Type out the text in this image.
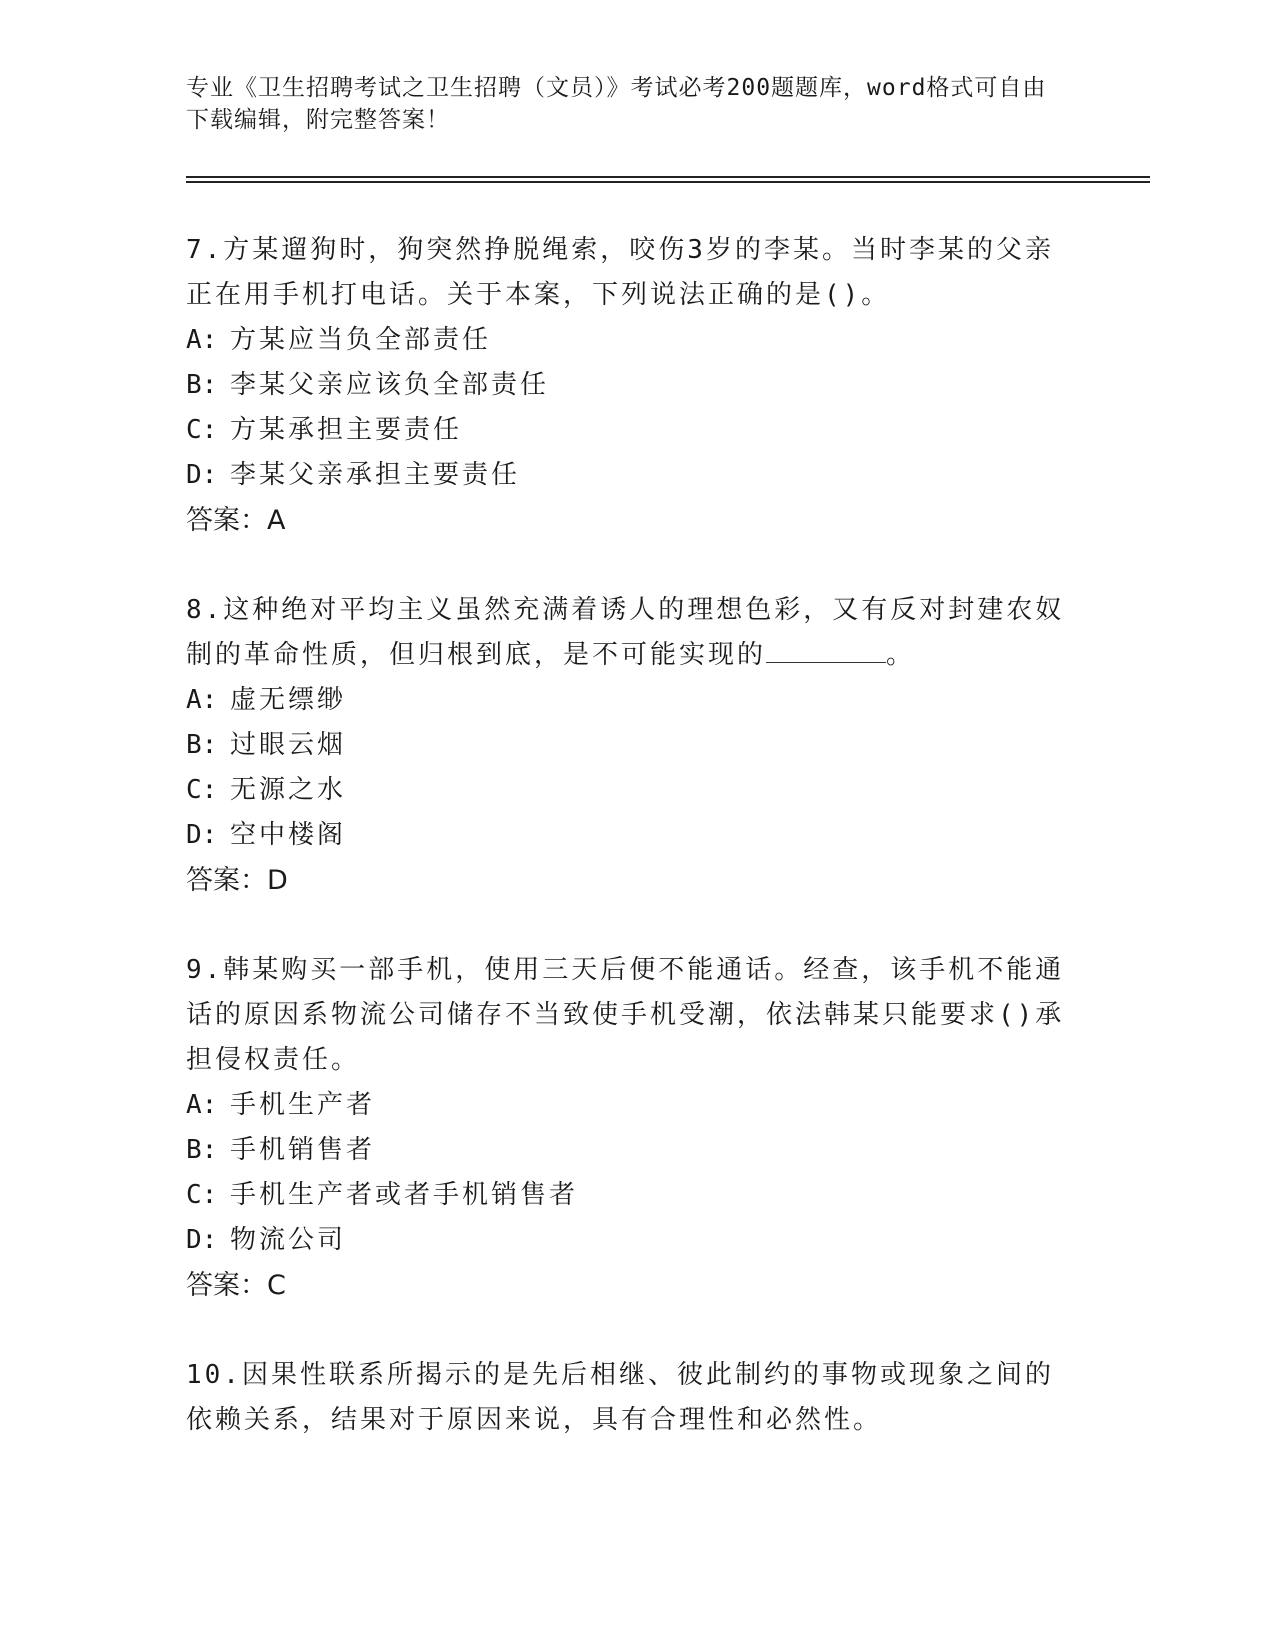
专业《卫生招聘考试之卫生招聘（文员）》考试必考200题题库，word格式可自由下载编辑，附完整答案！

7.方某遛狗时，狗突然挣脱绳索，咬伤3岁的李某。当时李某的父亲正在用手机打电话。关于本案，下列说法正确的是()。

A: 方某应当负全部责任

B: 李某父亲应该负全部责任

C: 方某承担主要责任

D: 李某父亲承担主要责任

答案：A

8.这种绝对平均主义虽然充满着诱人的理想色彩，又有反对封建农奴制的革命性质，但归根到底，是不可能实现的	。

A: 虚无缥缈

B: 过眼云烟

C: 无源之水

D: 空中楼阁

答案：D

9.韩某购买一部手机，使用三天后便不能通话。经查，该手机不能通话的原因系物流公司储存不当致使手机受潮，依法韩某只能要求()承担侵权责任。

A: 手机生产者

B: 手机销售者

C: 手机生产者或者手机销售者

D: 物流公司

答案：C

10.因果性联系所揭示的是先后相继、彼此制约的事物或现象之间的依赖关系，结果对于原因来说，具有合理性和必然性。
